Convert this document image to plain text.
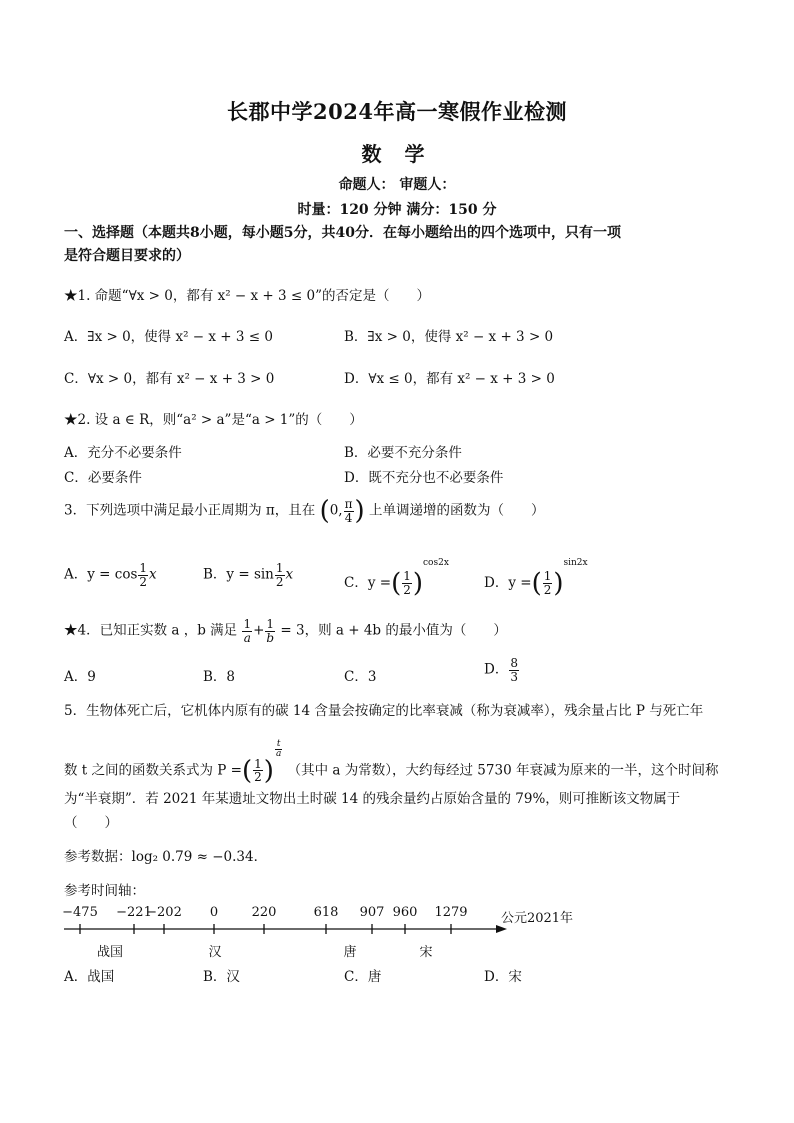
长郡中学2024年高一寒假作业检测
数 学
命题人： 审题人：
时量：120 分钟 满分：150 分
一、选择题（本题共8小题，每小题5分，共40分．在每小题给出的四个选项中，只有一项
是符合题目要求的）
★1. 命题“∀x > 0，都有 x² − x + 3 ≤ 0”的否定是（　　）
A．∃x > 0，使得 x² − x + 3 ≤ 0	B．∃x > 0，使得 x² − x + 3 > 0
C．∀x > 0，都有 x² − x + 3 > 0	D．∀x ≤ 0，都有 x² − x + 3 > 0
★2. 设 a ∈ R，则“a² > a”是“a > 1”的（　　）
A．充分不必要条件	B．必要不充分条件
C．必要条件	D．既不充分也不必要条件
3．下列选项中满足最小正周期为 π，且在 (0, $\frac{\pi}{4}$ ) 上单调递增的函数为（　　）
A．$y = \cos \frac{1}{2}$ x	B．$y = \sin \frac{1}{2}$ x
C．y =( $\frac{1}{2} )^{cos2x}$
D．y =( $\frac{1}{2} )^{sin2x}$
★4．已知正实数 a ，b 满足 $\frac{1}{a} + \frac{1}{b} = 3$，则 a + 4b 的最小值为（　　）
A．9	B．8	C．3	D． $\frac{8}{3}$
5．生物体死亡后，它机体内原有的碳 14 含量会按确定的比率衰减（称为衰减率），残余量占比 P 与死亡年
数 t 之间的函数关系式为 P =( $\frac{1}{2}$ )
$^{\frac{t}{a}}$
（其中 a 为常数），大约每经过 5730 年衰减为原来的一半，这个时间称
为“半衰期”．若 2021 年某遗址文物出土时碳 14 的残余量约占原始含量的 79%，则可推断该文物属于
（　　）
参考数据：log₂ 0.79 ≈ −0.34．
参考时间轴：
−475 −221
−202 0	220	618 907 960 1279	公元2021年
战国	汉	唐	宋
A．战国	B．汉	C．唐	D．宋
